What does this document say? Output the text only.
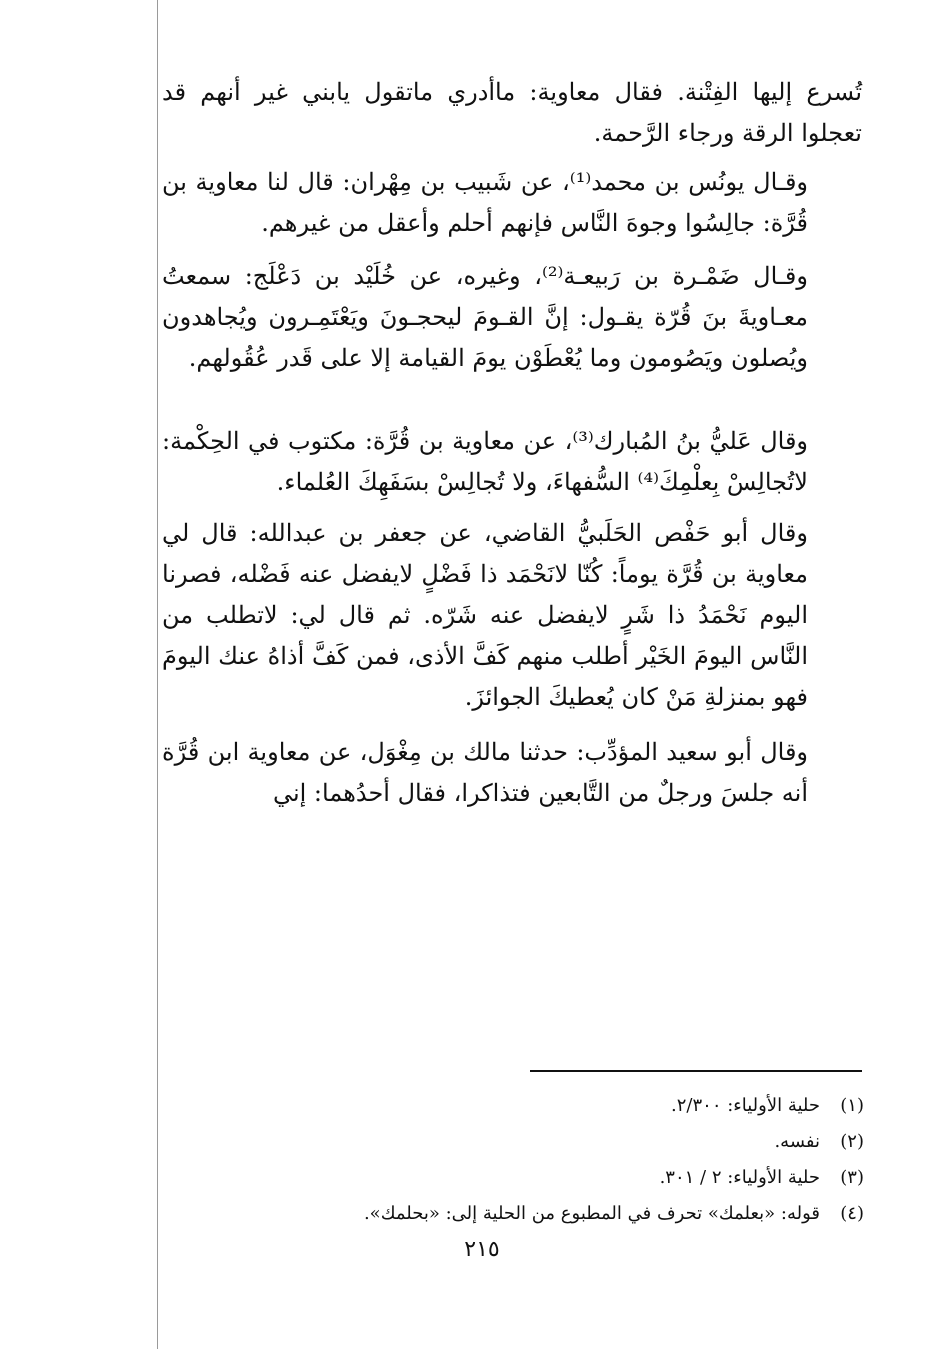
تُسرع إليها الفِتْنة. فقال معاوية: ماأدري ماتقول يابني غير أنهم قد تعجلوا الرقة ورجاء الرَّحمة.

وقـال يونُس بن محمد⁽¹⁾، عن شَبيب بن مِهْران: قال لنا معاوية بن قُرَّة: جالِسُوا وجوهَ النَّاس فإنهم أحلم وأعقل من غيرهم.

وقـال ضَمْـرة بن رَبيعـة⁽²⁾، وغيره، عن خُلَيْد بن دَعْلَج: سمعتُ معـاويةَ بنَ قُرّة يقـول: إنَّ القـومَ ليحجـونَ ويَعْتَمِـرون ويُجاهدون ويُصلون ويَصُومون وما يُعْطَوْن يومَ القيامة إلا على قَدر عُقُولهم.

وقال عَليُّ بنُ المُبارك⁽³⁾، عن معاوية بن قُرَّة: مكتوب في الحِكْمة: لاتُجالِسْ بِعلْمِكَ⁽⁴⁾ السُّفهاءَ، ولا تُجالِسْ بسَفَهِكَ العُلماء.

وقال أبو حَفْص الحَلَبيُّ القاضي، عن جعفر بن عبدالله: قال لي معاوية بن قُرَّة يوماً: كُنّا لانَحْمَد ذا فَضْلٍ لايفضل عنه فَضْله، فصرنا اليوم نَحْمَدُ ذا شَرٍ لايفضل عنه شَرّه. ثم قال لي: لاتطلب من النَّاس اليومَ الخَيْر أطلب منهم كَفَّ الأذى، فمن كَفَّ أذاهُ عنك اليومَ فهو بمنزلةِ مَنْ كان يُعطيكَ الجوائزَ.

وقال أبو سعيد المؤدِّب: حدثنا مالك بن مِغْوَل، عن معاوية ابن قُرَّة أنه جلسَ ورجلٌ من التَّابعين فتذاكرا، فقال أحدُهما: إني

(١)
حلية الأولياء: ٢/٣٠٠.
(٢)
نفسه.
(٣)
حلية الأولياء: ٢ / ٣٠١.
(٤)
قوله: «بعلمك» تحرف في المطبوع من الحلية إلى: «بحلمك».
٢١٥
